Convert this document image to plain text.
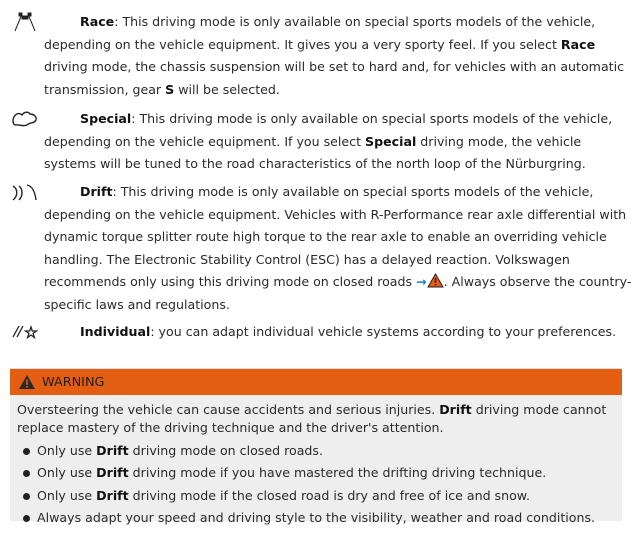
Race: This driving mode is only available on special sports models of the vehicle, depending on the vehicle equipment. It gives you a very sporty feel. If you select Race driving mode, the chassis suspension will be set to hard and, for vehicles with an automatic transmission, gear S will be selected.

Special: This driving mode is only available on special sports models of the vehicle, depending on the vehicle equipment. If you select Special driving mode, the vehicle systems will be tuned to the road characteristics of the north loop of the Nürburgring.

Drift: This driving mode is only available on special sports models of the vehicle, depending on the vehicle equipment. Vehicles with R-Performance rear axle differential with dynamic torque splitter route high torque to the rear axle to enable an overriding vehicle handling. The Electronic Stability Control (ESC) has a delayed reaction. Volkswagen recommends only using this driving mode on closed roads → . Always observe the country-specific laws and regulations.

Individual: you can adapt individual vehicle systems according to your preferences.

WARNING
Oversteering the vehicle can cause accidents and serious injuries. Drift driving mode cannot replace mastery of the driving technique and the driver's attention.
Only use Drift driving mode on closed roads.
Only use Drift driving mode if you have mastered the drifting driving technique.
Only use Drift driving mode if the closed road is dry and free of ice and snow.
Always adapt your speed and driving style to the visibility, weather and road conditions.
